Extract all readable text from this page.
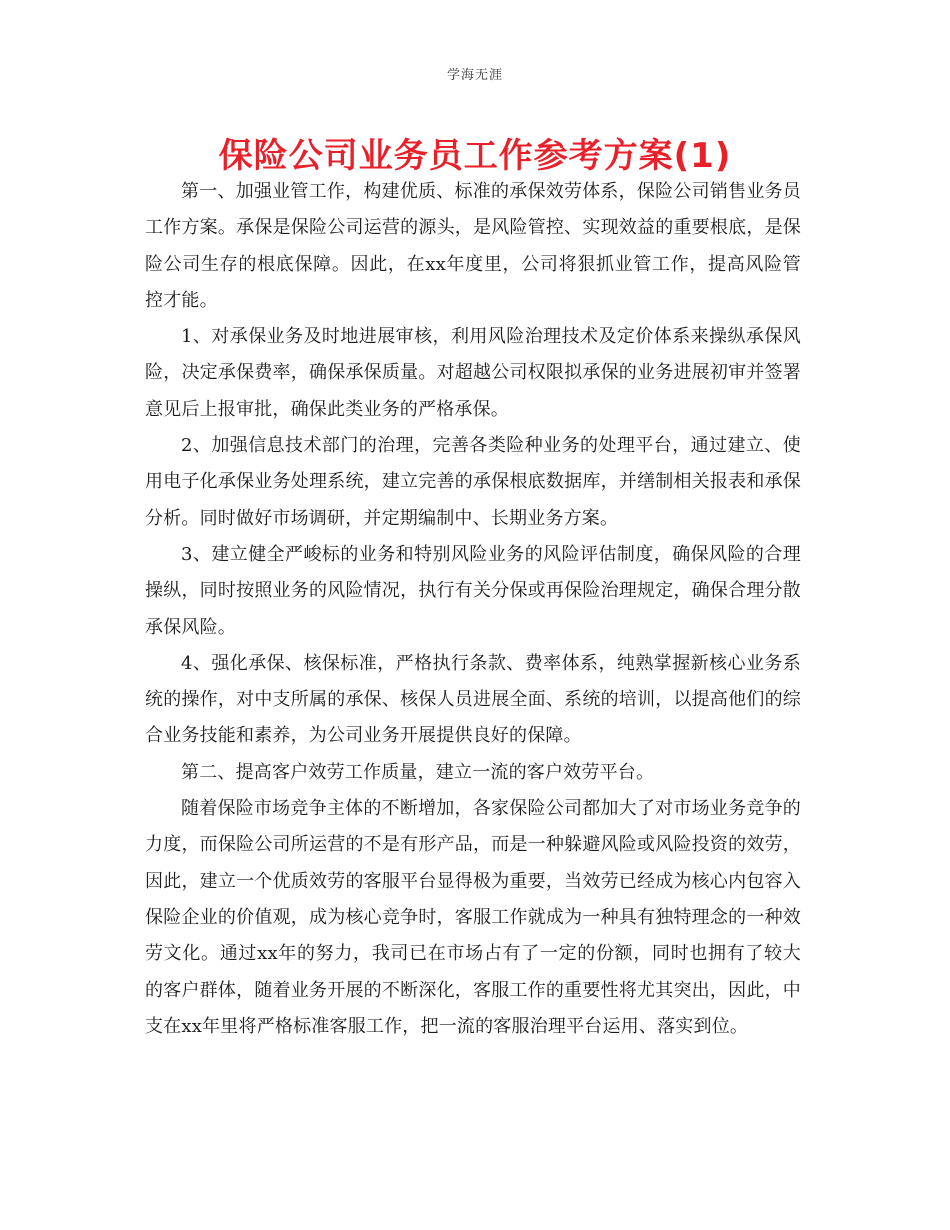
学海无涯
保险公司业务员工作参考方案(1)

第一、加强业管工作，构建优质、标准的承保效劳体系，保险公司销售业务员工作方案。承保是保险公司运营的源头，是风险管控、实现效益的重要根底，是保险公司生存的根底保障。因此，在xx年度里，公司将狠抓业管工作，提高风险管控才能。

1、对承保业务及时地进展审核，利用风险治理技术及定价体系来操纵承保风险，决定承保费率，确保承保质量。对超越公司权限拟承保的业务进展初审并签署意见后上报审批，确保此类业务的严格承保。

2、加强信息技术部门的治理，完善各类险种业务的处理平台，通过建立、使用电子化承保业务处理系统，建立完善的承保根底数据库，并缮制相关报表和承保分析。同时做好市场调研，并定期编制中、长期业务方案。

3、建立健全严峻标的业务和特别风险业务的风险评估制度，确保风险的合理操纵，同时按照业务的风险情况，执行有关分保或再保险治理规定，确保合理分散承保风险。

4、强化承保、核保标准，严格执行条款、费率体系，纯熟掌握新核心业务系统的操作，对中支所属的承保、核保人员进展全面、系统的培训，以提高他们的综合业务技能和素养，为公司业务开展提供良好的保障。

第二、提高客户效劳工作质量，建立一流的客户效劳平台。

随着保险市场竞争主体的不断增加，各家保险公司都加大了对市场业务竞争的力度，而保险公司所运营的不是有形产品，而是一种躲避风险或风险投资的效劳，因此，建立一个优质效劳的客服平台显得极为重要，当效劳已经成为核心内包容入保险企业的价值观，成为核心竞争时，客服工作就成为一种具有独特理念的一种效劳文化。通过xx年的努力，我司已在市场占有了一定的份额，同时也拥有了较大的客户群体，随着业务开展的不断深化，客服工作的重要性将尤其突出，因此，中支在xx年里将严格标准客服工作，把一流的客服治理平台运用、落实到位。
